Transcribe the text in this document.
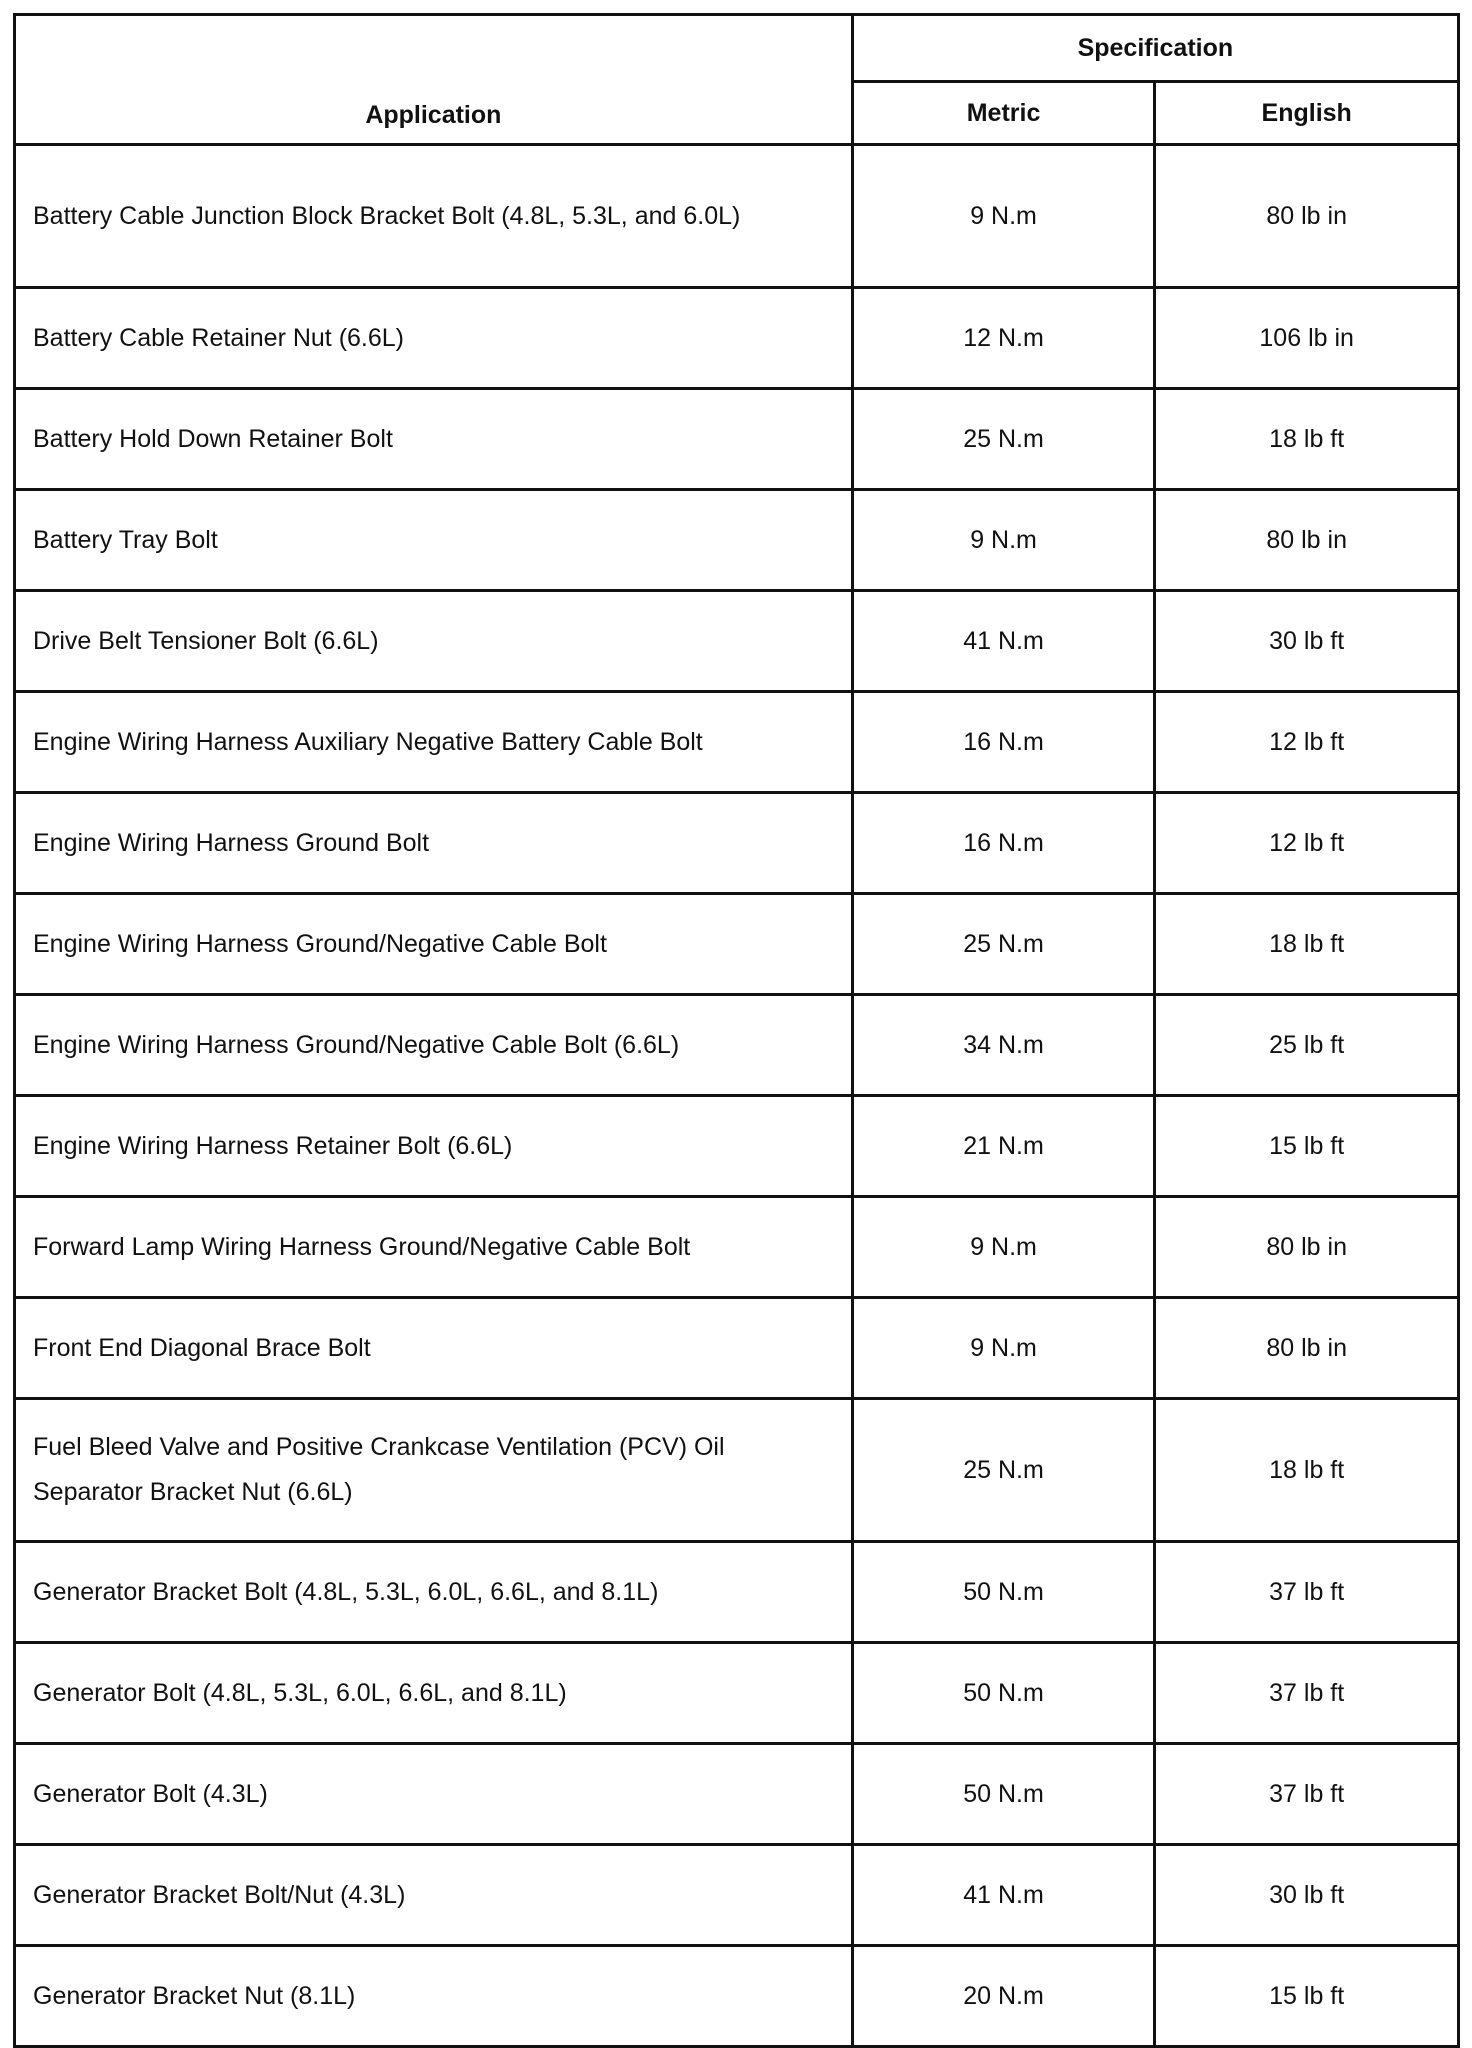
Application	Specification	
	Metric	English
Battery Cable Junction Block Bracket Bolt (4.8L, 5.3L, and 6.0L)	9 N.m	80 lb in
Battery Cable Retainer Nut (6.6L)	12 N.m	106 lb in
Battery Hold Down Retainer Bolt	25 N.m	18 lb ft
Battery Tray Bolt	9 N.m	80 lb in
Drive Belt Tensioner Bolt (6.6L)	41 N.m	30 lb ft
Engine Wiring Harness Auxiliary Negative Battery Cable Bolt	16 N.m	12 lb ft
Engine Wiring Harness Ground Bolt	16 N.m	12 lb ft
Engine Wiring Harness Ground/Negative Cable Bolt	25 N.m	18 lb ft
Engine Wiring Harness Ground/Negative Cable Bolt (6.6L)	34 N.m	25 lb ft
Engine Wiring Harness Retainer Bolt (6.6L)	21 N.m	15 lb ft
Forward Lamp Wiring Harness Ground/Negative Cable Bolt	9 N.m	80 lb in
Front End Diagonal Brace Bolt	9 N.m	80 lb in
Fuel Bleed Valve and Positive Crankcase Ventilation (PCV) Oil Separator Bracket Nut (6.6L)	25 N.m	18 lb ft
Generator Bracket Bolt (4.8L, 5.3L, 6.0L, 6.6L, and 8.1L)	50 N.m	37 lb ft
Generator Bolt (4.8L, 5.3L, 6.0L, 6.6L, and 8.1L)	50 N.m	37 lb ft
Generator Bolt (4.3L)	50 N.m	37 lb ft
Generator Bracket Bolt/Nut (4.3L)	41 N.m	30 lb ft
Generator Bracket Nut (8.1L)	20 N.m	15 lb ft
